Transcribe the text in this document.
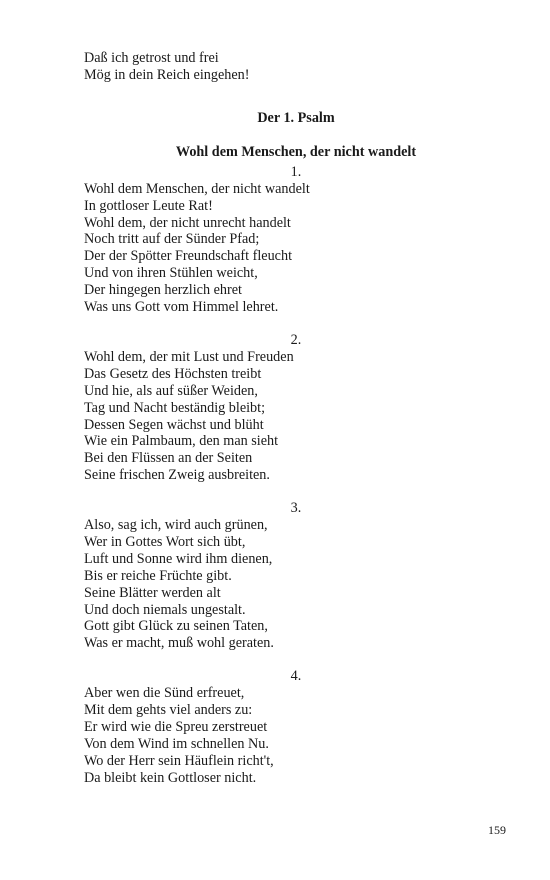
Daß ich getrost und frei
Mög in dein Reich eingehen!
Der 1. Psalm
Wohl dem Menschen, der nicht wandelt
1.
Wohl dem Menschen, der nicht wandelt
In gottloser Leute Rat!
Wohl dem, der nicht unrecht handelt
Noch tritt auf der Sünder Pfad;
Der der Spötter Freundschaft fleucht
Und von ihren Stühlen weicht,
Der hingegen herzlich ehret
Was uns Gott vom Himmel lehret.
2.
Wohl dem, der mit Lust und Freuden
Das Gesetz des Höchsten treibt
Und hie, als auf süßer Weiden,
Tag und Nacht beständig bleibt;
Dessen Segen wächst und blüht
Wie ein Palmbaum, den man sieht
Bei den Flüssen an der Seiten
Seine frischen Zweig ausbreiten.
3.
Also, sag ich, wird auch grünen,
Wer in Gottes Wort sich übt,
Luft und Sonne wird ihm dienen,
Bis er reiche Früchte gibt.
Seine Blätter werden alt
Und doch niemals ungestalt.
Gott gibt Glück zu seinen Taten,
Was er macht, muß wohl geraten.
4.
Aber wen die Sünd erfreuet,
Mit dem gehts viel anders zu:
Er wird wie die Spreu zerstreuet
Von dem Wind im schnellen Nu.
Wo der Herr sein Häuflein richt't,
Da bleibt kein Gottloser nicht.
159
